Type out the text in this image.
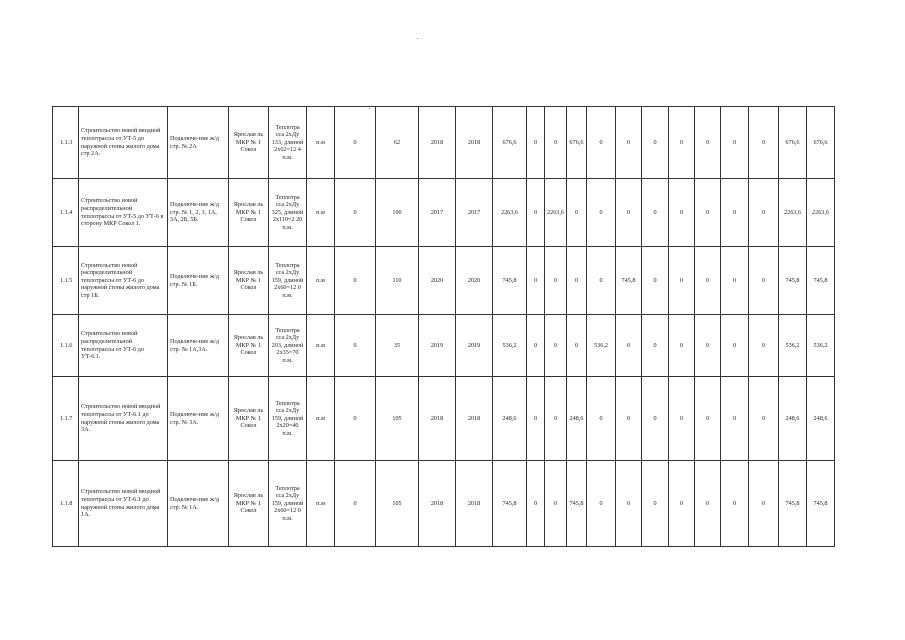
1.1.3	Строительство новой вводной теплотрассы от УТ-5 до наружной стены жилого дома стр 2А.	Подключе-ние ж/д стр. № 2А	Ярослав ль МКР № 1 Сокол	Теплотра сса 2хДу 133, длиной 2х62=12 4 п.м.	п.м	0	62	2018	2018	676,6	0	0	676,6	0	0	0	0	0	0	0	676,6	676,6
1.1.4	Строительство новой распределительной теплотрассы от УТ-5 до УТ-6 в сторону МКР Сокол 1.	Подключе-ние ж/д стр. № 1, 2, 3, 1А, 3А, 2Б, 5Б.	Ярослав ль МКР № 1 Сокол	Теплотра сса 2хДу 325, длиной 2х110=2 20 п.м.	п.м	0	100	2017	2017	2263,6	0	2263,6	0	0	0	0	0	0	0	0	2263,6	2263,6
1.1.5	Строительство новой распределительной теплотрассы от УТ-6 до наружной стены жилого дома стр 1Б.	Подключе-ние ж/д стр. № 1Б.	Ярослав ль МКР № 1 Сокол	Теплотра сса 2хДу 159, длиной 2х60=12 0 п.м.	п.м	0	110	2020	2020	745,8	0	0	0	0	745,8	0	0	0	0	0	745,8	745,8
1.1.6	Строительство новой распределительной теплотрассы от УТ-6 до УТ-6.1.	Подключе-ние ж/д стр. № 1А,3А.	Ярослав ль МКР № 1 Сокол	Теплотра сса 2хДу 203, длиной 2х35=70 п.м.	п.м	0	35	2019	2019	536,2	0	0	0	536,2	0	0	0	0	0	0	536,2	536,2
1.1.7	Строительство новой вводной теплотрассы от УТ-6.1 до наружной стены жилого дома 3А.	Подключе-ние ж/д стр. № 3А.	Ярослав ль МКР № 1 Сокол	Теплотра сса 2хДу 159, длиной 2х20=40 п.м.	п.м	0	105	2018	2018	248,6	0	0	248,6	0	0	0	0	0	0	0	248,6	248,6
1.1.8	Строительство новой вводной теплотрассы от УТ-6.1 до наружной стены жилого дома 1А.	Подключе-ние ж/д стр. № 1А.	Ярослав ль МКР № 1 Сокол	Теплотра сса 2хДу 159, длиной 2х60=12 0 п.м.	п.м	0	105	2018	2018	745,8	0	0	745,8	0	0	0	0	0	0	0	745,8	745,8
